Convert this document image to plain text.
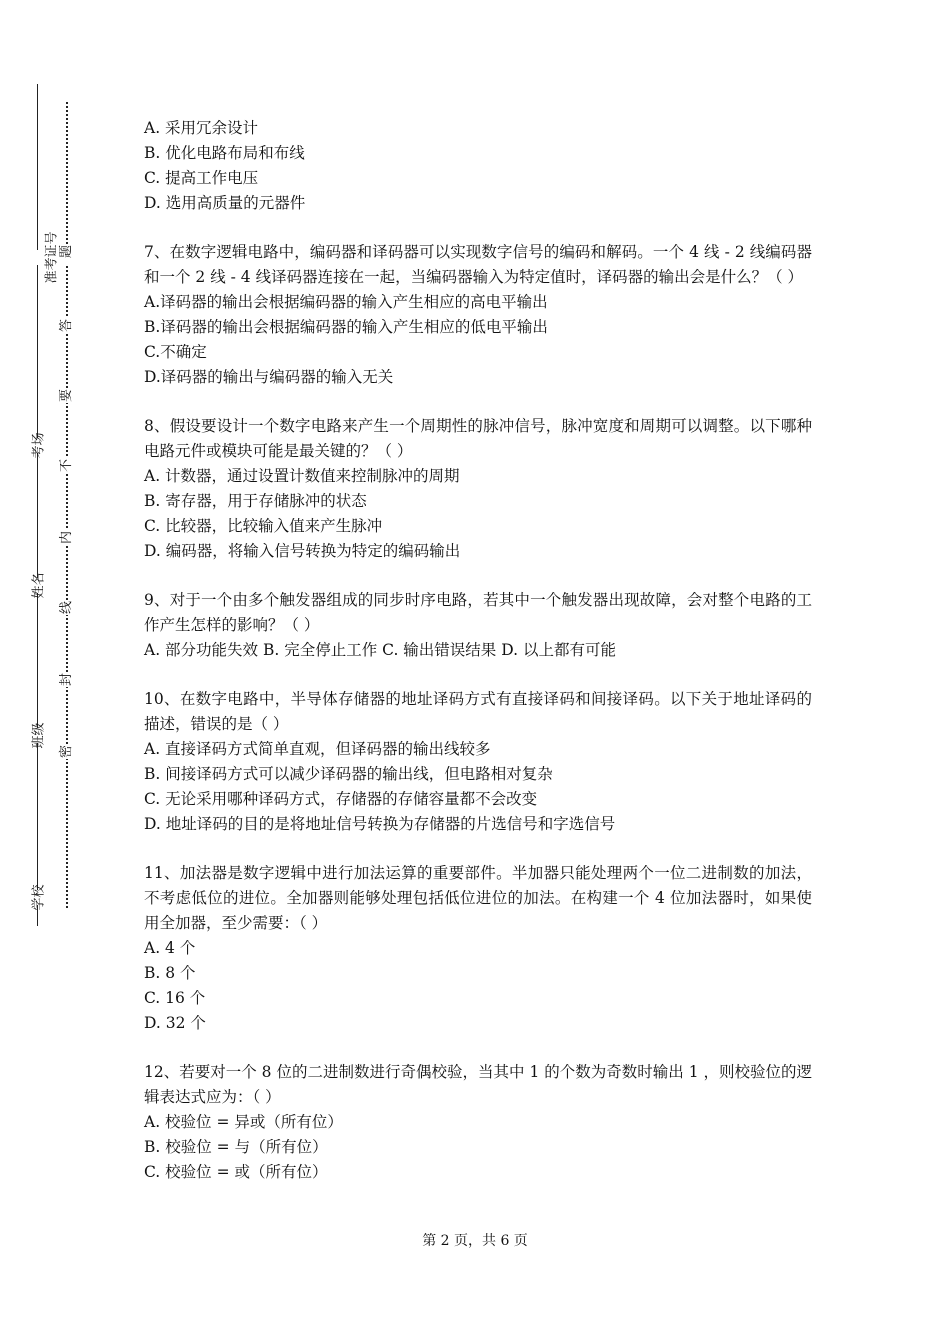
准考证号
考场
姓名
班级
学校
题
答
要
不
内
线
封
密

A. 采用冗余设计

B. 优化电路布局和布线

C. 提高工作电压

D. 选用高质量的元器件

7、在数字逻辑电路中，编码器和译码器可以实现数字信号的编码和解码。一个 4 线 - 2 线编码器和一个 2 线 - 4 线译码器连接在一起，当编码器输入为特定值时，译码器的输出会是什么？（ ）

A.译码器的输出会根据编码器的输入产生相应的高电平输出

B.译码器的输出会根据编码器的输入产生相应的低电平输出

C.不确定

D.译码器的输出与编码器的输入无关

8、假设要设计一个数字电路来产生一个周期性的脉冲信号，脉冲宽度和周期可以调整。以下哪种电路元件或模块可能是最关键的？（ ）

A. 计数器，通过设置计数值来控制脉冲的周期

B. 寄存器，用于存储脉冲的状态

C. 比较器，比较输入值来产生脉冲

D. 编码器，将输入信号转换为特定的编码输出

9、对于一个由多个触发器组成的同步时序电路，若其中一个触发器出现故障，会对整个电路的工作产生怎样的影响？（ ）

A. 部分功能失效 B. 完全停止工作 C. 输出错误结果 D. 以上都有可能

10、在数字电路中，半导体存储器的地址译码方式有直接译码和间接译码。以下关于地址译码的描述，错误的是（ ）

A. 直接译码方式简单直观，但译码器的输出线较多

B. 间接译码方式可以减少译码器的输出线，但电路相对复杂

C. 无论采用哪种译码方式，存储器的存储容量都不会改变

D. 地址译码的目的是将地址信号转换为存储器的片选信号和字选信号

11、加法器是数字逻辑中进行加法运算的重要部件。半加器只能处理两个一位二进制数的加法，不考虑低位的进位。全加器则能够处理包括低位进位的加法。在构建一个 4 位加法器时，如果使用全加器，至少需要：（ ）

A. 4 个

B. 8 个

C. 16 个

D. 32 个

12、若要对一个 8 位的二进制数进行奇偶校验，当其中 1 的个数为奇数时输出 1 ，则校验位的逻辑表达式应为：（ ）

A. 校验位 = 异或（所有位）

B. 校验位 = 与（所有位）

C. 校验位 = 或（所有位）

第 2 页，共 6 页
